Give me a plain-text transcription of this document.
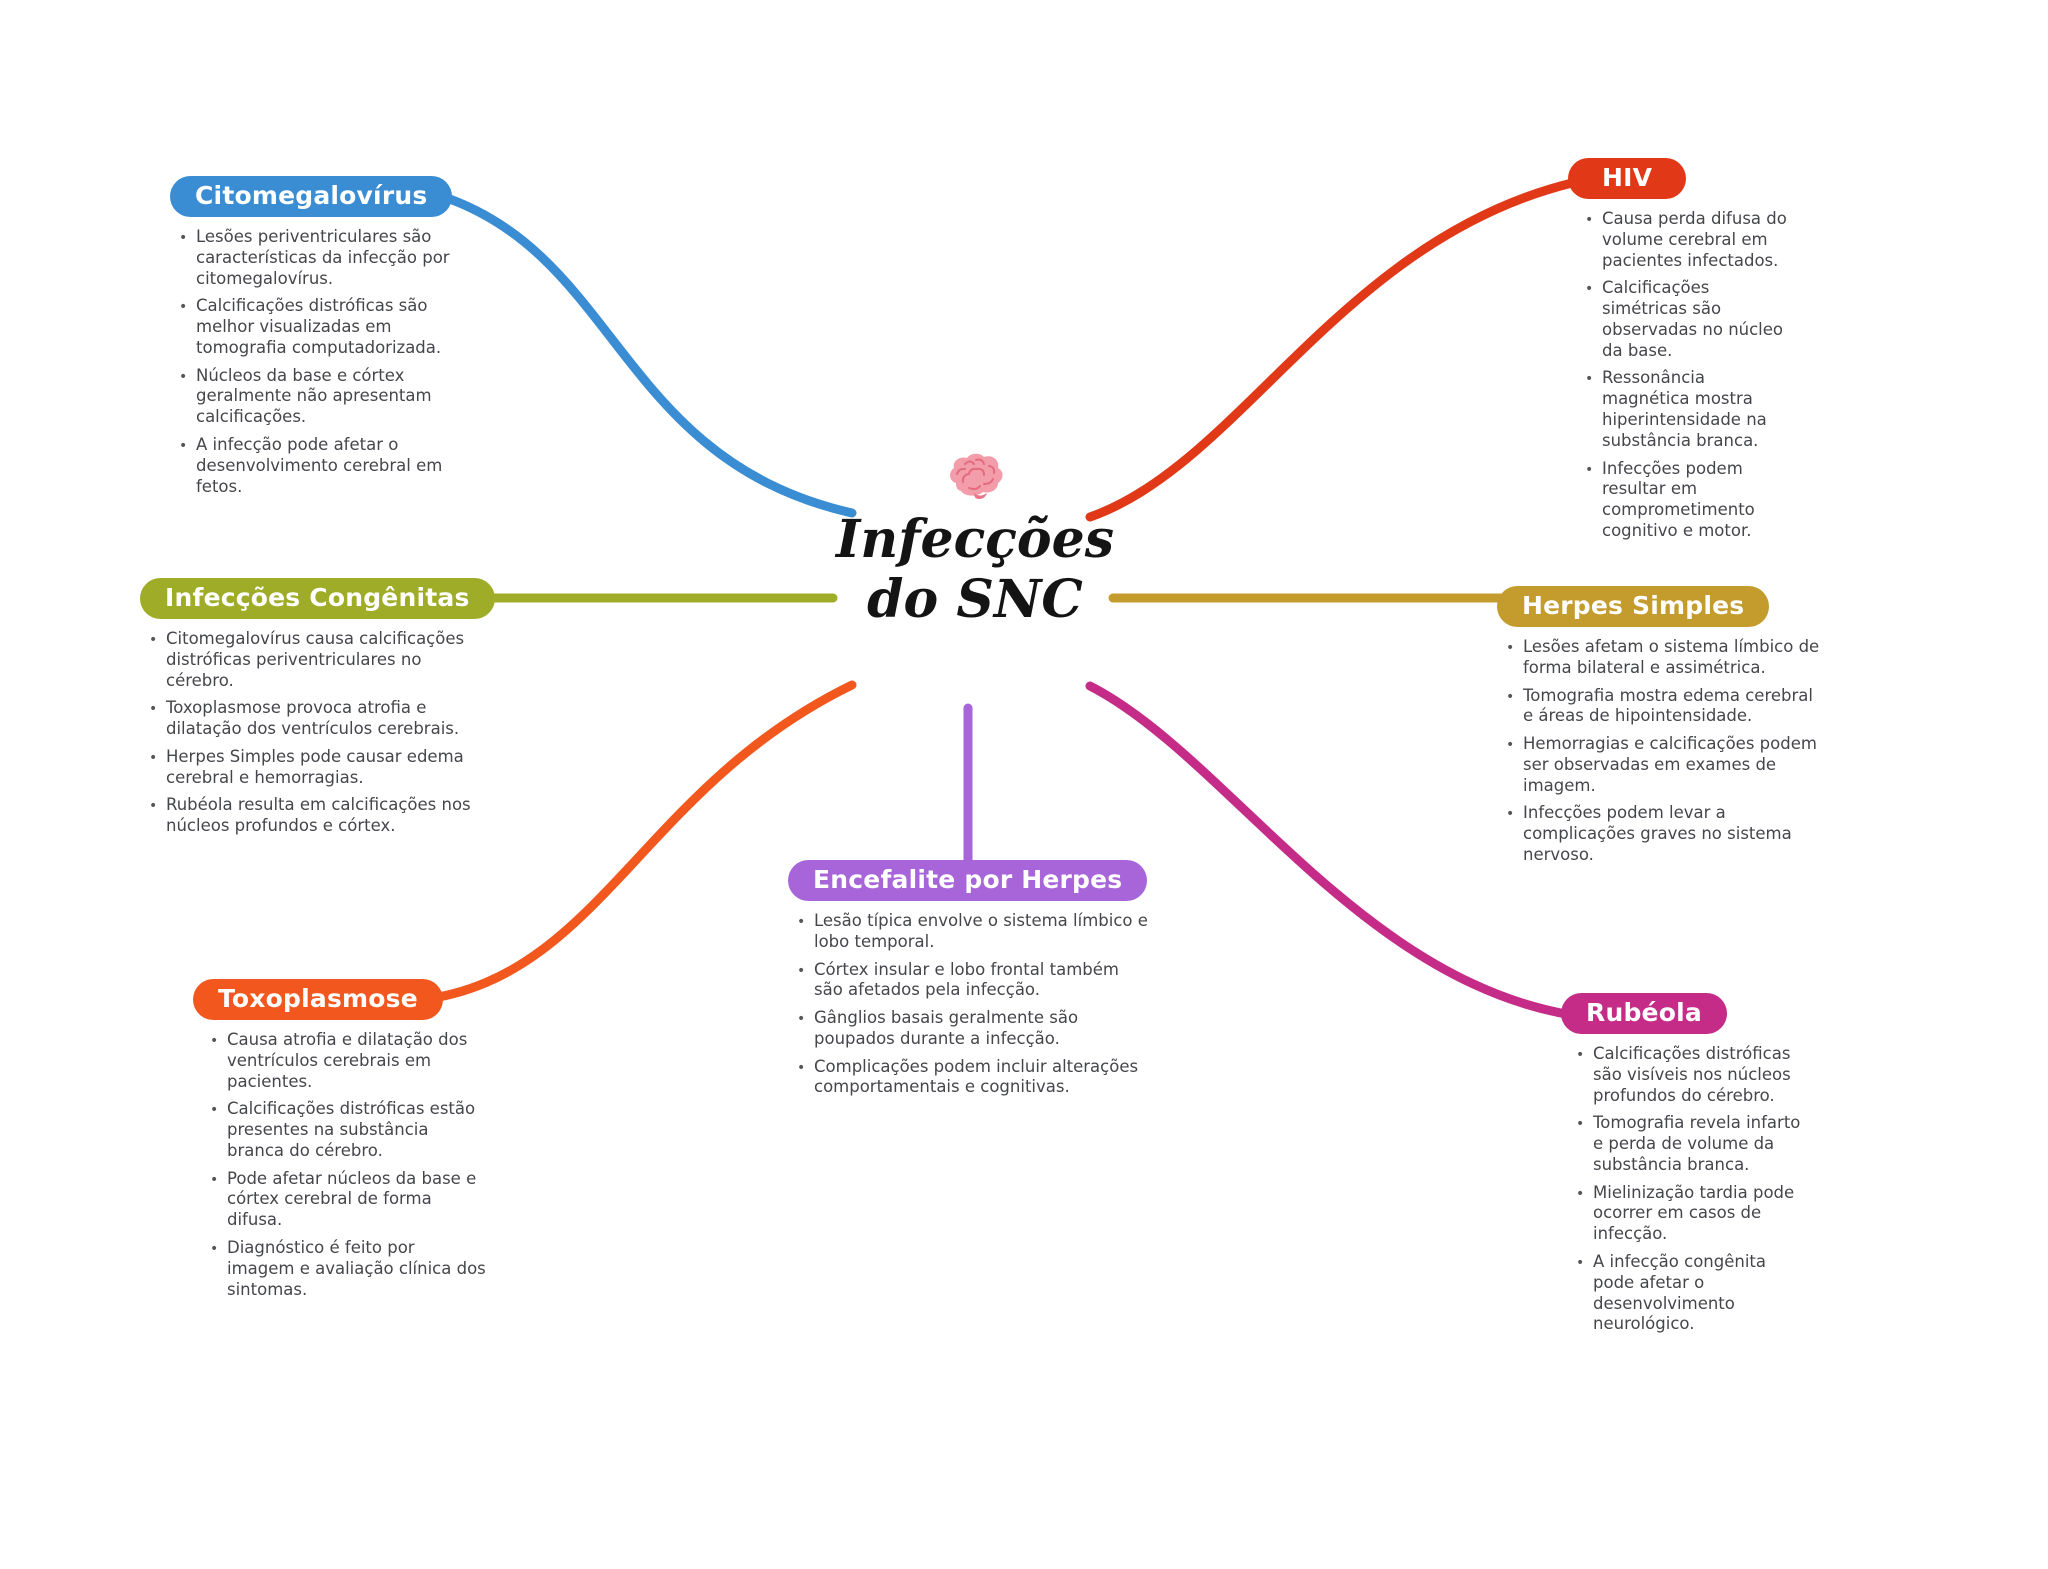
Infecções
do SNC
Citomegalovírus
• Lesões periventriculares são características da infecção por citomegalovírus.
• Calcificações distróficas são melhor visualizadas em tomografia computadorizada.
• Núcleos da base e córtex geralmente não apresentam calcificações.
• A infecção pode afetar o desenvolvimento cerebral em fetos.
Infecções Congênitas
• Citomegalovírus causa calcificações distróficas periventriculares no cérebro.
• Toxoplasmose provoca atrofia e dilatação dos ventrículos cerebrais.
• Herpes Simples pode causar edema cerebral e hemorragias.
• Rubéola resulta em calcificações nos núcleos profundos e córtex.
Toxoplasmose
• Causa atrofia e dilatação dos ventrículos cerebrais em pacientes.
• Calcificações distróficas estão presentes na substância branca do cérebro.
• Pode afetar núcleos da base e córtex cerebral de forma difusa.
• Diagnóstico é feito por imagem e avaliação clínica dos sintomas.
HIV
• Causa perda difusa do volume cerebral em pacientes infectados.
• Calcificações simétricas são observadas no núcleo da base.
• Ressonância magnética mostra hiperintensidade na substância branca.
• Infecções podem resultar em comprometimento cognitivo e motor.
Herpes Simples
• Lesões afetam o sistema límbico de forma bilateral e assimétrica.
• Tomografia mostra edema cerebral e áreas de hipointensidade.
• Hemorragias e calcificações podem ser observadas em exames de imagem.
• Infecções podem levar a complicações graves no sistema nervoso.
Rubéola
• Calcificações distróficas são visíveis nos núcleos profundos do cérebro.
• Tomografia revela infarto e perda de volume da substância branca.
• Mielinização tardia pode ocorrer em casos de infecção.
• A infecção congênita pode afetar o desenvolvimento neurológico.
Encefalite por Herpes
• Lesão típica envolve o sistema límbico e lobo temporal.
• Córtex insular e lobo frontal também são afetados pela infecção.
• Gânglios basais geralmente são poupados durante a infecção.
• Complicações podem incluir alterações comportamentais e cognitivas.
